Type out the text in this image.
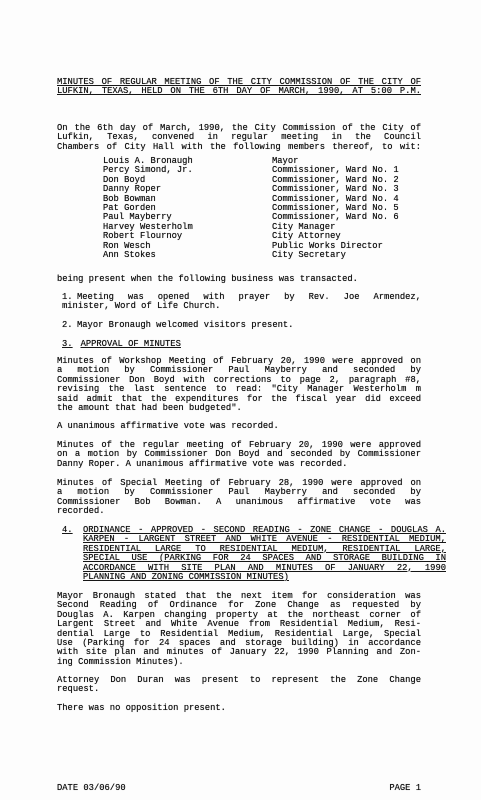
MINUTES OF REGULAR MEETING OF THE CITY COMMISSION OF THE CITY OF
LUFKIN, TEXAS, HELD ON THE 6TH DAY OF MARCH, 1990, AT 5:00 P.M.
On the 6th day of March, 1990, the City Commission of the City of
Lufkin, Texas, convened in regular meeting in the Council
Chambers of City Hall with the following members thereof, to wit:
Louis A. Bronaugh	Mayor
Percy Simond, Jr.	Commissioner, Ward No. 1
Don Boyd	Commissioner, Ward No. 2
Danny Roper	Commissioner, Ward No. 3
Bob Bowman	Commissioner, Ward No. 4
Pat Gorden	Commissioner, Ward No. 5
Paul Mayberry	Commissioner, Ward No. 6
Harvey Westerholm	City Manager
Robert Flournoy	City Attorney
Ron Wesch	Public Works Director
Ann Stokes	City Secretary
being present when the following business was transacted.
1. Meeting was opened with prayer by Rev. Joe Armendez,
minister, Word of Life Church.
2. Mayor Bronaugh welcomed visitors present.
3. APPROVAL OF MINUTES
Minutes of Workshop Meeting of February 20, 1990 were approved on
a motion by Commissioner Paul Mayberry and seconded by
Commissioner Don Boyd with corrections to page 2, paragraph #8,
revising the last sentence to read: "City Manager Westerholm m
said admit that the expenditures for the fiscal year did exceed
the amount that had been budgeted".
A unanimous affirmative vote was recorded.
Minutes of the regular meeting of February 20, 1990 were approved
on a motion by Commissioner Don Boyd and seconded by Commissioner
Danny Roper. A unanimous affirmative vote was recorded.
Minutes of Special Meeting of February 28, 1990 were approved on
a motion by Commissioner Paul Mayberry and seconded by
Commissioner Bob Bowman. A unanimous affirmative vote was
recorded.
4.	ORDINANCE - APPROVED - SECOND READING - ZONE CHANGE - DOUGLAS A.
KARPEN - LARGENT STREET AND WHITE AVENUE - RESIDENTIAL MEDIUM,
RESIDENTIAL LARGE TO RESIDENTIAL MEDIUM, RESIDENTIAL LARGE,
SPECIAL USE (PARKING FOR 24 SPACES AND STORAGE BUILDING IN
ACCORDANCE WITH SITE PLAN AND MINUTES OF JANUARY 22, 1990
PLANNING AND ZONING COMMISSION MINUTES)
Mayor Bronaugh stated that the next item for consideration was
Second Reading of Ordinance for Zone Change as requested by
Douglas A. Karpen changing property at the northeast corner of
Largent Street and White Avenue from Residential Medium, Resi-
dential Large to Residential Medium, Residential Large, Special
Use (Parking for 24 spaces and storage building) in accordance
with site plan and minutes of January 22, 1990 Planning and Zon-
ing Commission Minutes).
Attorney Don Duran was present to represent the Zone Change
request.
There was no opposition present.
DATE 03/06/90	PAGE 1
